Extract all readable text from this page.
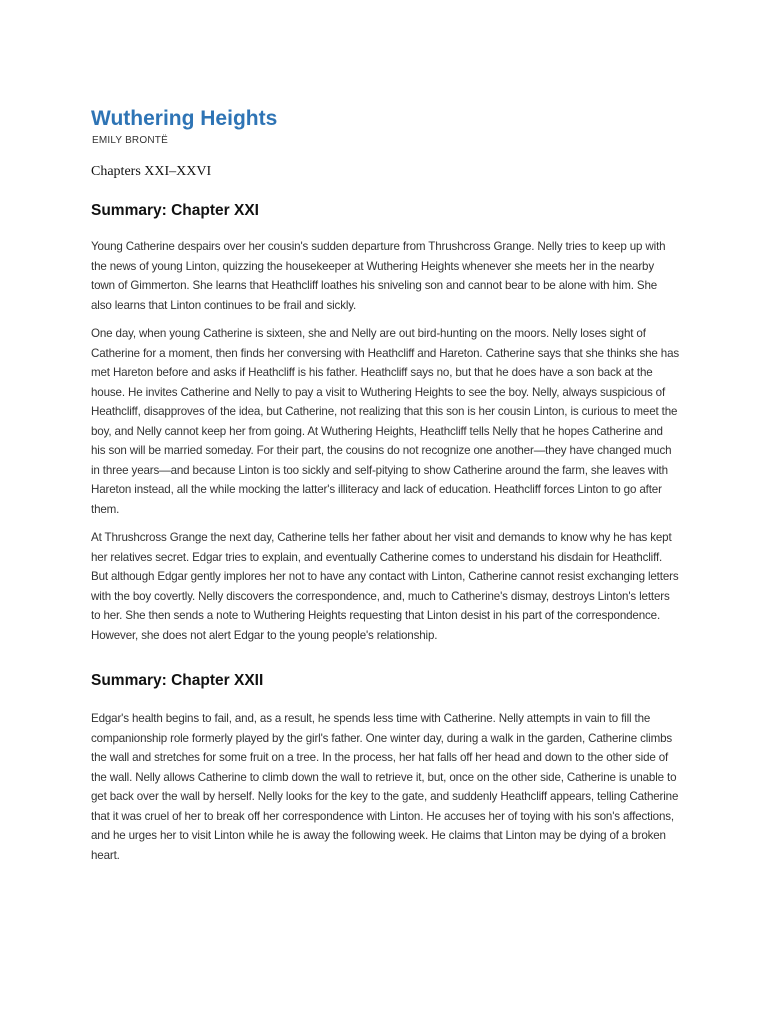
Wuthering Heights
EMILY BRONTË
Chapters XXI–XXVI
Summary: Chapter XXI

Young Catherine despairs over her cousin's sudden departure from Thrushcross Grange. Nelly tries to keep up with the news of young Linton, quizzing the housekeeper at Wuthering Heights whenever she meets her in the nearby town of Gimmerton. She learns that Heathcliff loathes his sniveling son and cannot bear to be alone with him. She also learns that Linton continues to be frail and sickly.

One day, when young Catherine is sixteen, she and Nelly are out bird-hunting on the moors. Nelly loses sight of Catherine for a moment, then finds her conversing with Heathcliff and Hareton. Catherine says that she thinks she has met Hareton before and asks if Heathcliff is his father. Heathcliff says no, but that he does have a son back at the house. He invites Catherine and Nelly to pay a visit to Wuthering Heights to see the boy. Nelly, always suspicious of Heathcliff, disapproves of the idea, but Catherine, not realizing that this son is her cousin Linton, is curious to meet the boy, and Nelly cannot keep her from going. At Wuthering Heights, Heathcliff tells Nelly that he hopes Catherine and his son will be married someday. For their part, the cousins do not recognize one another—they have changed much in three years—and because Linton is too sickly and self-pitying to show Catherine around the farm, she leaves with Hareton instead, all the while mocking the latter's illiteracy and lack of education. Heathcliff forces Linton to go after them.

At Thrushcross Grange the next day, Catherine tells her father about her visit and demands to know why he has kept her relatives secret. Edgar tries to explain, and eventually Catherine comes to understand his disdain for Heathcliff. But although Edgar gently implores her not to have any contact with Linton, Catherine cannot resist exchanging letters with the boy covertly. Nelly discovers the correspondence, and, much to Catherine's dismay, destroys Linton's letters to her. She then sends a note to Wuthering Heights requesting that Linton desist in his part of the correspondence. However, she does not alert Edgar to the young people's relationship.

Summary: Chapter XXII

Edgar's health begins to fail, and, as a result, he spends less time with Catherine. Nelly attempts in vain to fill the companionship role formerly played by the girl's father. One winter day, during a walk in the garden, Catherine climbs the wall and stretches for some fruit on a tree. In the process, her hat falls off her head and down to the other side of the wall. Nelly allows Catherine to climb down the wall to retrieve it, but, once on the other side, Catherine is unable to get back over the wall by herself. Nelly looks for the key to the gate, and suddenly Heathcliff appears, telling Catherine that it was cruel of her to break off her correspondence with Linton. He accuses her of toying with his son's affections, and he urges her to visit Linton while he is away the following week. He claims that Linton may be dying of a broken heart.
